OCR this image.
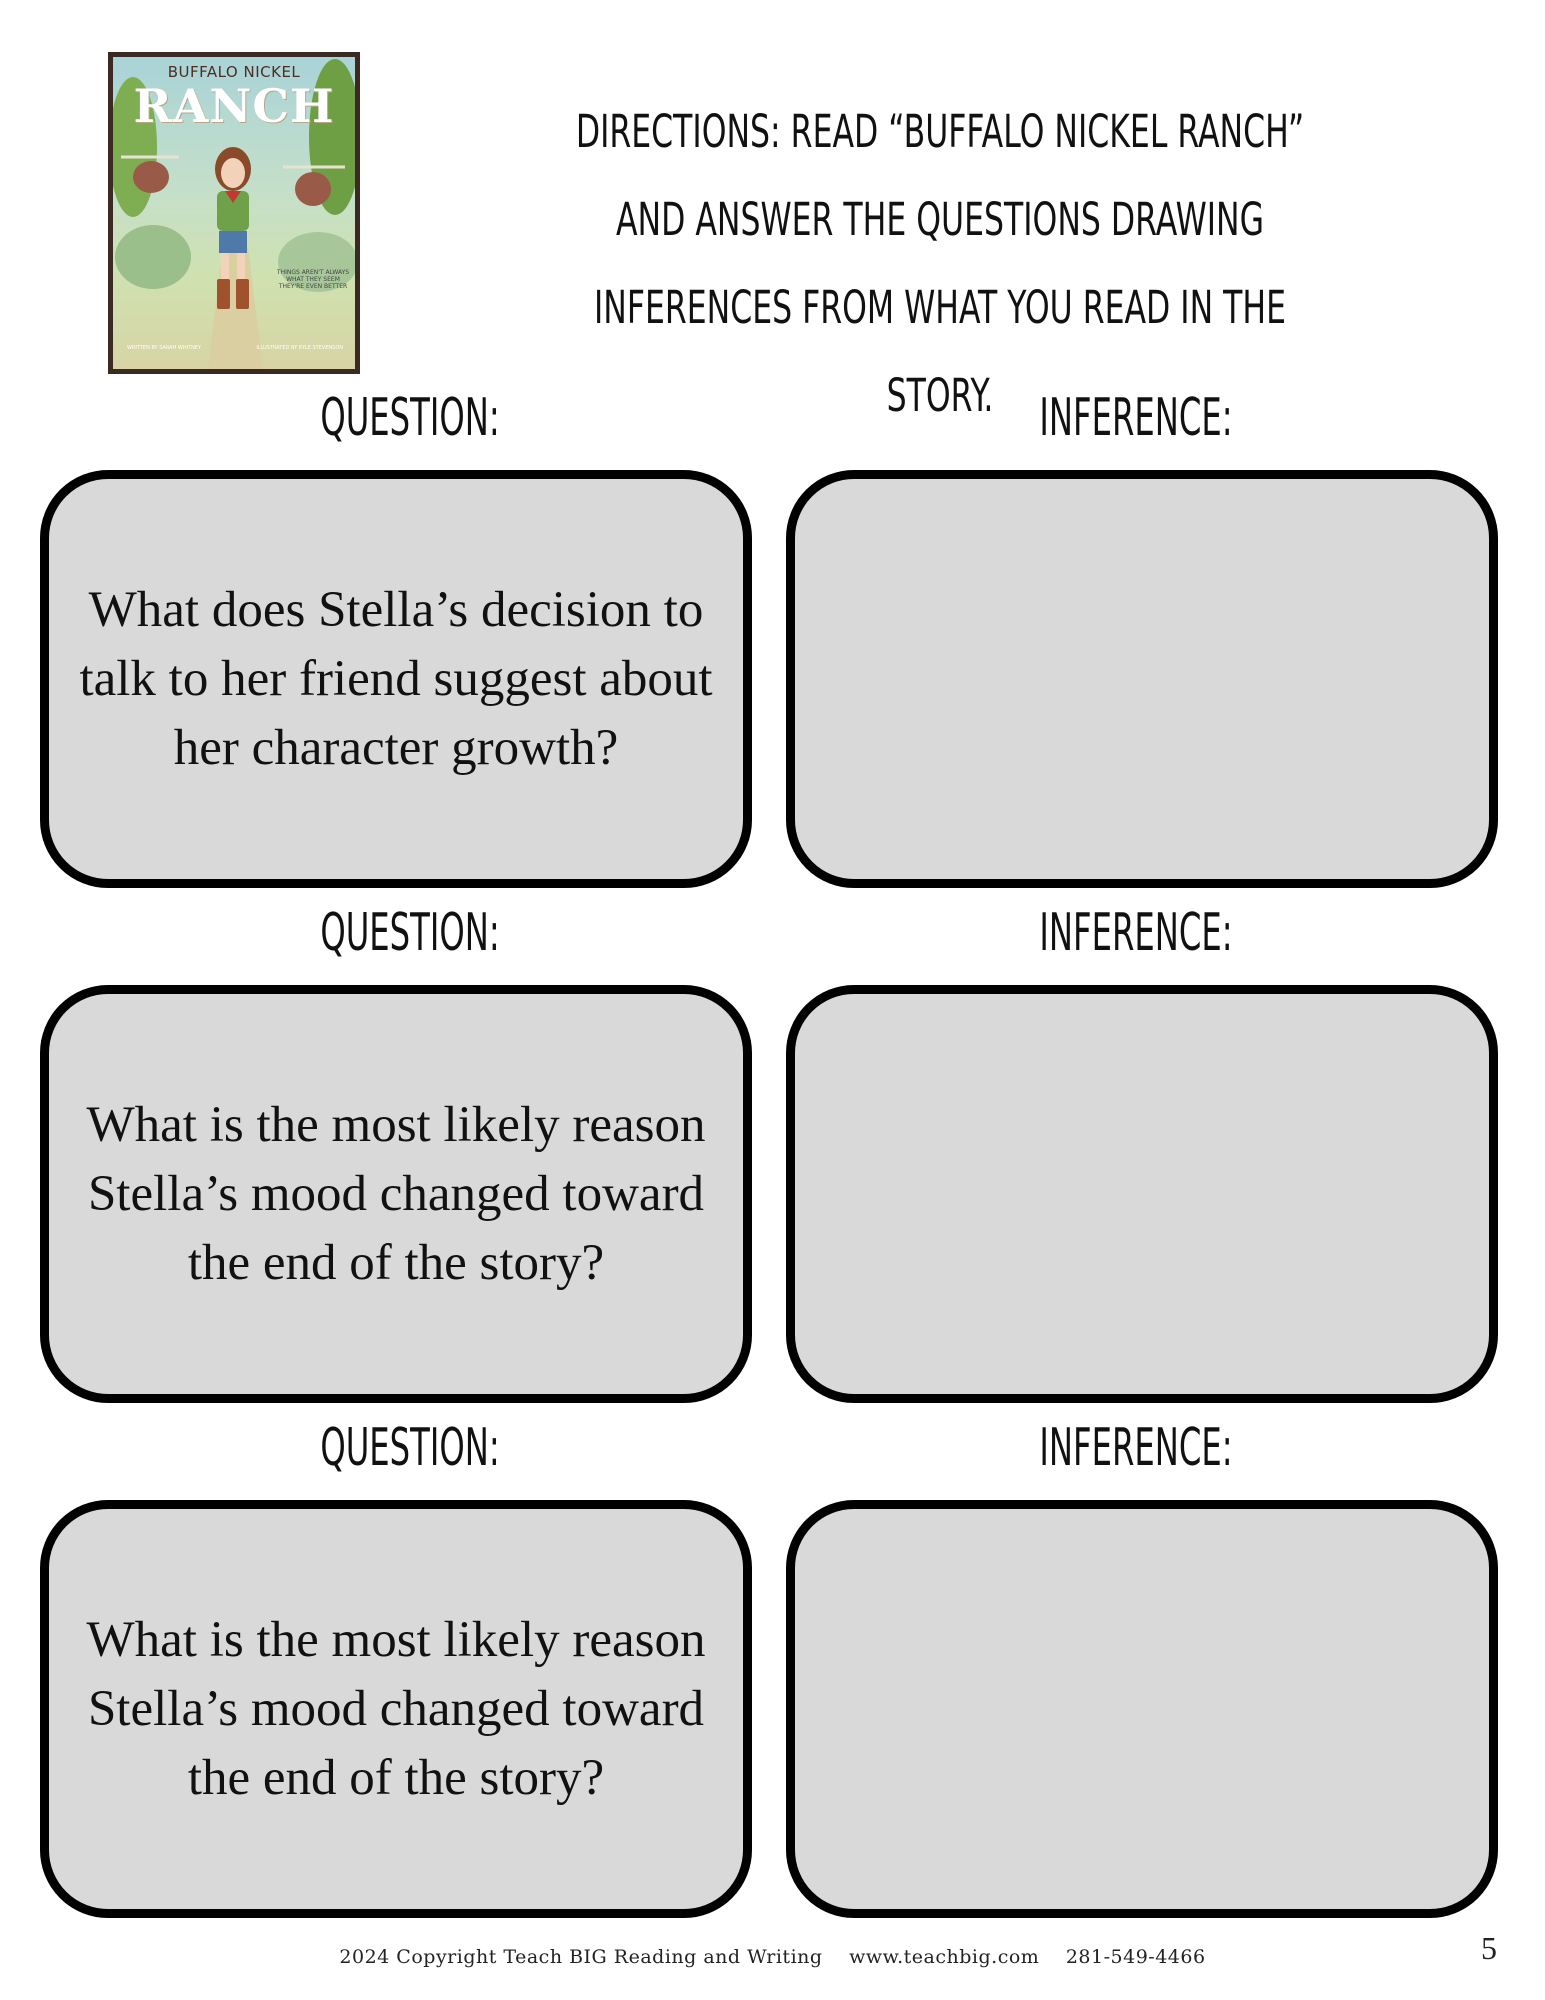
BUFFALO NICKEL
RANCH
THINGS AREN'T ALWAYS WHAT THEY SEEM THEY'RE EVEN BETTER
WRITTEN BY SARAH WHITNEY	ILLUSTRATED BY KYLE STEVENSON
DIRECTIONS: READ “BUFFALO NICKEL RANCH” AND ANSWER THE QUESTIONS DRAWING INFERENCES FROM WHAT YOU READ IN THE STORY.
QUESTION:	INFERENCE:
What does Stella’s decision to talk to her friend suggest about her character growth?
QUESTION:	INFERENCE:
What is the most likely reason Stella’s mood changed toward the end of the story?
QUESTION:	INFERENCE:
What is the most likely reason Stella’s mood changed toward the end of the story?
2024 Copyright Teach BIG Reading and Writing www.teachbig.com 281-549-4466	5
